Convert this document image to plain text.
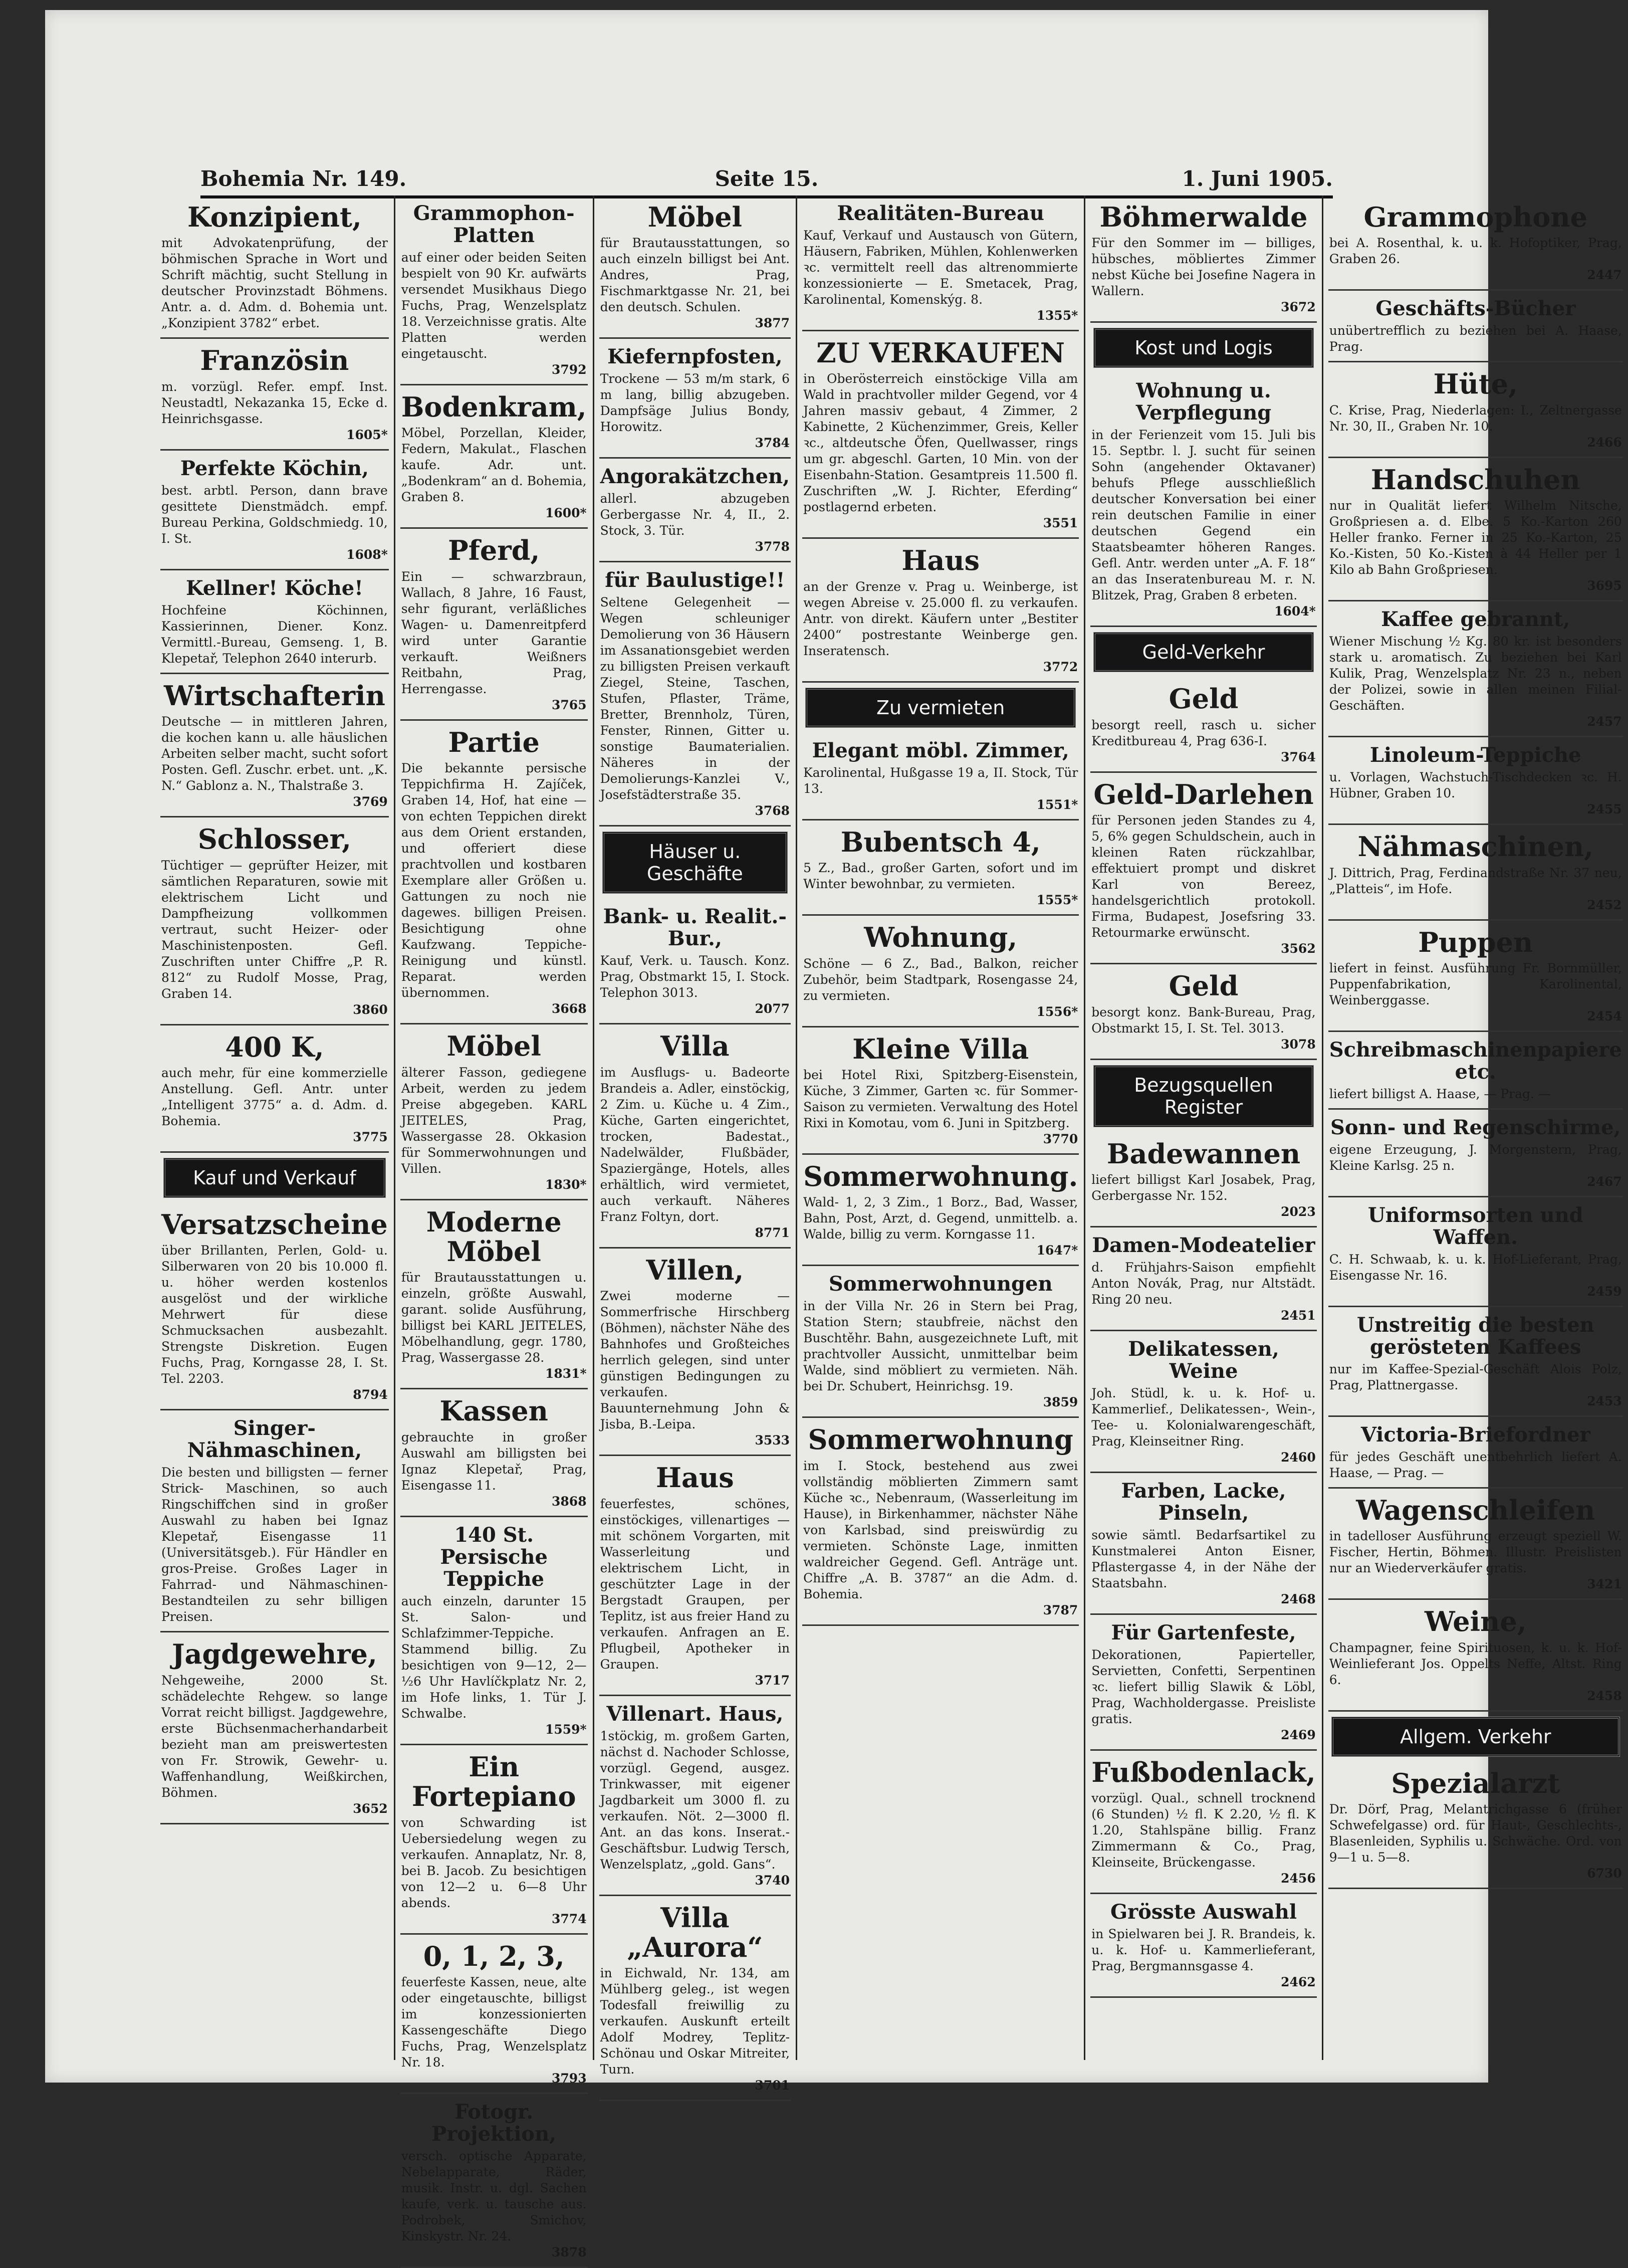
Bohemia Nr. 149.	Seite 15.	1. Juni 1905.
Konzipient,
mit Advokatenprüfung, der böhmischen Sprache in Wort und Schrift mächtig, sucht Stellung in deutscher Provinzstadt Böhmens. Antr. a. d. Adm. d. Bohemia unt. „Konzipient 3782“ erbet.
Französin
m. vorzügl. Refer. empf. Inst. Neustadtl, Nekazanka 15, Ecke d. Heinrichsgasse.
1605*
Perfekte Köchin,
best. arbtl. Person, dann brave gesittete Dienstmädch. empf. Bureau Perkina, Goldschmiedg. 10, I. St.
1608*
Kellner! Köche!
Hochfeine Köchinnen, Kassierinnen, Diener. Konz. Vermittl.-Bureau, Gemseng. 1, B. Klepetař, Telephon 2640 interurb.
Wirtschafterin
Deutsche — in mittleren Jahren, die kochen kann u. alle häuslichen Arbeiten selber macht, sucht sofort Posten. Gefl. Zuschr. erbet. unt. „K. N.“ Gablonz a. N., Thalstraße 3.
3769
Schlosser,
Tüchtiger — geprüfter Heizer, mit sämtlichen Reparaturen, sowie mit elektrischem Licht und Dampfheizung vollkommen vertraut, sucht Heizer- oder Maschinistenposten. Gefl. Zuschriften unter Chiffre „P. R. 812“ zu Rudolf Mosse, Prag, Graben 14.
3860
400 K,
auch mehr, für eine kommerzielle Anstellung. Gefl. Antr. unter „Intelligent 3775“ a. d. Adm. d. Bohemia.
3775
Kauf und Verkauf
Versatzscheine
über Brillanten, Perlen, Gold- u. Silberwaren von 20 bis 10.000 fl. u. höher werden kostenlos ausgelöst und der wirkliche Mehrwert für diese Schmucksachen ausbezahlt. Strengste Diskretion. Eugen Fuchs, Prag, Korngasse 28, I. St. Tel. 2203.
8794
Singer-Nähmaschinen,
Die besten und billigsten — ferner Strick- Maschinen, so auch Ringschiffchen sind in großer Auswahl zu haben bei Ignaz Klepetař, Eisengasse 11 (Universitätsgeb.). Für Händler en gros-Preise. Großes Lager in Fahrrad- und Nähmaschinen-Bestandteilen zu sehr billigen Preisen.
Jagdgewehre,
Nehgeweihe, 2000 St. schädelechte Rehgew. so lange Vorrat reicht billigst. Jagdgewehre, erste Büchsenmacherhandarbeit bezieht man am preiswertesten von Fr. Strowik, Gewehr- u. Waffenhandlung, Weißkirchen, Böhmen.
3652
Grammophon-Platten
auf einer oder beiden Seiten bespielt von 90 Kr. aufwärts versendet Musikhaus Diego Fuchs, Prag, Wenzelsplatz 18. Verzeichnisse gratis. Alte Platten werden eingetauscht.
3792
Bodenkram,
Möbel, Porzellan, Kleider, Federn, Makulat., Flaschen kaufe. Adr. unt. „Bodenkram“ an d. Bohemia, Graben 8.
1600*
Pferd,
Ein — schwarzbraun, Wallach, 8 Jahre, 16 Faust, sehr figurant, verläßliches Wagen- u. Damenreitpferd wird unter Garantie verkauft. Weißners Reitbahn, Prag, Herrengasse.
3765
Partie
Die bekannte persische Teppichfirma H. Zajíček, Graben 14, Hof, hat eine — von echten Teppichen direkt aus dem Orient erstanden, und offeriert diese prachtvollen und kostbaren Exemplare aller Größen u. Gattungen zu noch nie dagewes. billigen Preisen. Besichtigung ohne Kaufzwang. Teppiche-Reinigung und künstl. Reparat. werden übernommen.
3668
Möbel
älterer Fasson, gediegene Arbeit, werden zu jedem Preise abgegeben. KARL JEITELES, Prag, Wassergasse 28. Okkasion für Sommerwohnungen und Villen.
1830*
Moderne Möbel
für Brautausstattungen u. einzeln, größte Auswahl, garant. solide Ausführung, billigst bei KARL JEITELES, Möbelhandlung, gegr. 1780, Prag, Wassergasse 28.
1831*
Kassen
gebrauchte in großer Auswahl am billigsten bei Ignaz Klepetař, Prag, Eisengasse 11.
3868
140 St. Persische Teppiche
auch einzeln, darunter 15 St. Salon- und Schlafzimmer-Teppiche. Stammend billig. Zu besichtigen von 9—12, 2—½6 Uhr Havlíčkplatz Nr. 2, im Hofe links, 1. Tür J. Schwalbe.
1559*
Ein Fortepiano
von Schwarding ist Uebersiedelung wegen zu verkaufen. Annaplatz, Nr. 8, bei B. Jacob. Zu besichtigen von 12—2 u. 6—8 Uhr abends.
3774
0, 1, 2, 3,
feuerfeste Kassen, neue, alte oder eingetauschte, billigst im konzessionierten Kassengeschäfte Diego Fuchs, Prag, Wenzelsplatz Nr. 18.
3793
Fotogr. Projektion,
versch. optische Apparate, Nebelapparate, Räder, musik. Instr. u. dgl. Sachen kaufe, verk. u. tausche aus. Podrobek, Smichov, Kinskystr. Nr. 24.
3878
Möbel
für Brautausstattungen, so auch einzeln billigst bei Ant. Andres, Prag, Fischmarktgasse Nr. 21, bei den deutsch. Schulen.
3877
Kiefernpfosten,
Trockene — 53 m/m stark, 6 m lang, billig abzugeben. Dampfsäge Julius Bondy, Horowitz.
3784
Angorakätzchen,
allerl. abzugeben Gerbergasse Nr. 4, II., 2. Stock, 3. Tür.
3778
für Baulustige!!
Seltene Gelegenheit — Wegen schleuniger Demolierung von 36 Häusern im Assanationsgebiet werden zu billigsten Preisen verkauft Ziegel, Steine, Taschen, Stufen, Pflaster, Träme, Bretter, Brennholz, Türen, Fenster, Rinnen, Gitter u. sonstige Baumaterialien. Näheres in der Demolierungs-Kanzlei V., Josefstädterstraße 35.
3768
Häuser u. Geschäfte
Bank- u. Realit.-Bur.,
Kauf, Verk. u. Tausch. Konz. Prag, Obstmarkt 15, I. Stock. Telephon 3013.
2077
Villa
im Ausflugs- u. Badeorte Brandeis a. Adler, einstöckig, 2 Zim. u. Küche u. 4 Zim., Küche, Garten eingerichtet, trocken, Badestat., Nadelwälder, Flußbäder, Spaziergänge, Hotels, alles erhältlich, wird vermietet, auch verkauft. Näheres Franz Foltyn, dort.
8771
Villen,
Zwei moderne — Sommerfrische Hirschberg (Böhmen), nächster Nähe des Bahnhofes und Großteiches herrlich gelegen, sind unter günstigen Bedingungen zu verkaufen. Bauunternehmung John & Jisba, B.-Leipa.
3533
Haus
feuerfestes, schönes, einstöckiges, villenartiges — mit schönem Vorgarten, mit Wasserleitung und elektrischem Licht, in geschützter Lage in der Bergstadt Graupen, per Teplitz, ist aus freier Hand zu verkaufen. Anfragen an E. Pflugbeil, Apotheker in Graupen.
3717
Villenart. Haus,
1stöckig, m. großem Garten, nächst d. Nachoder Schlosse, vorzügl. Gegend, ausgez. Trinkwasser, mit eigener Jagdbarkeit um 3000 fl. zu verkaufen. Nöt. 2—3000 fl. Ant. an das kons. Inserat.-Geschäftsbur. Ludwig Tersch, Wenzelsplatz, „gold. Gans“.
3740
Villa „Aurora“
in Eichwald, Nr. 134, am Mühlberg geleg., ist wegen Todesfall freiwillig zu verkaufen. Auskunft erteilt Adolf Modrey, Teplitz-Schönau und Oskar Mitreiter, Turn.
3701
Realitäten-Bureau
Kauf, Verkauf und Austausch von Gütern, Häusern, Fabriken, Mühlen, Kohlenwerken ꝛc. vermittelt reell das altrenommierte konzessionierte — E. Smetacek, Prag, Karolinental, Komenskýg. 8.
1355*
ZU VERKAUFEN
in Oberösterreich einstöckige Villa am Wald in prachtvoller milder Gegend, vor 4 Jahren massiv gebaut, 4 Zimmer, 2 Kabinette, 2 Küchenzimmer, Greis, Keller ꝛc., altdeutsche Öfen, Quellwasser, rings um gr. abgeschl. Garten, 10 Min. von der Eisenbahn-Station. Gesamtpreis 11.500 fl. Zuschriften „W. J. Richter, Eferding“ postlagernd erbeten.
3551
Haus
an der Grenze v. Prag u. Weinberge, ist wegen Abreise v. 25.000 fl. zu verkaufen. Antr. von direkt. Käufern unter „Bestiter 2400“ postrestante Weinberge gen. Inseratensch.
3772
Zu vermieten
Elegant möbl. Zimmer,
Karolinental, Hußgasse 19 a, II. Stock, Tür 13.
1551*
Bubentsch 4,
5 Z., Bad., großer Garten, sofort und im Winter bewohnbar, zu vermieten.
1555*
Wohnung,
Schöne — 6 Z., Bad., Balkon, reicher Zubehör, beim Stadtpark, Rosengasse 24, zu vermieten.
1556*
Kleine Villa
bei Hotel Rixi, Spitzberg-Eisenstein, Küche, 3 Zimmer, Garten ꝛc. für Sommer- Saison zu vermieten. Verwaltung des Hotel Rixi in Komotau, vom 6. Juni in Spitzberg.
3770
Sommerwohnung.
Wald- 1, 2, 3 Zim., 1 Borz., Bad, Wasser, Bahn, Post, Arzt, d. Gegend, unmittelb. a. Walde, billig zu verm. Korngasse 11.
1647*
Sommerwohnungen
in der Villa Nr. 26 in Stern bei Prag, Station Stern; staubfreie, nächst den Buschtěhr. Bahn, ausgezeichnete Luft, mit prachtvoller Aussicht, unmittelbar beim Walde, sind möbliert zu vermieten. Näh. bei Dr. Schubert, Heinrichsg. 19.
3859
Sommerwohnung
im I. Stock, bestehend aus zwei vollständig möblierten Zimmern samt Küche ꝛc., Nebenraum, (Wasserleitung im Hause), in Birkenhammer, nächster Nähe von Karlsbad, sind preiswürdig zu vermieten. Schönste Lage, inmitten waldreicher Gegend. Gefl. Anträge unt. Chiffre „A. B. 3787“ an die Adm. d. Bohemia.
3787
Böhmerwalde
Für den Sommer im — billiges, hübsches, möbliertes Zimmer nebst Küche bei Josefine Nagera in Wallern.
3672
Kost und Logis
Wohnung u. Verpflegung
in der Ferienzeit vom 15. Juli bis 15. Septbr. l. J. sucht für seinen Sohn (angehender Oktavaner) behufs Pflege ausschließlich deutscher Konversation bei einer rein deutschen Familie in einer deutschen Gegend ein Staatsbeamter höheren Ranges. Gefl. Antr. werden unter „A. F. 18“ an das Inseratenbureau M. r. N. Blitzek, Prag, Graben 8 erbeten.
1604*
Geld-Verkehr
Geld
besorgt reell, rasch u. sicher Kreditbureau 4, Prag 636-I.
3764
Geld-Darlehen
für Personen jeden Standes zu 4, 5, 6% gegen Schuldschein, auch in kleinen Raten rückzahlbar, effektuiert prompt und diskret Karl von Bereez, handelsgerichtlich protokoll. Firma, Budapest, Josefsring 33. Retourmarke erwünscht.
3562
Geld
besorgt konz. Bank-Bureau, Prag, Obstmarkt 15, I. St. Tel. 3013.
3078
Bezugsquellen Register
Badewannen
liefert billigst Karl Josabek, Prag, Gerbergasse Nr. 152.
2023
Damen-Modeatelier
d. Frühjahrs-Saison empfiehlt Anton Novák, Prag, nur Altstädt. Ring 20 neu.
2451
Delikatessen, Weine
Joh. Stüdl, k. u. k. Hof- u. Kammerlief., Delikatessen-, Wein-, Tee- u. Kolonialwarengeschäft, Prag, Kleinseitner Ring.
2460
Farben, Lacke, Pinseln,
sowie sämtl. Bedarfsartikel zu Kunstmalerei Anton Eisner, Pflastergasse 4, in der Nähe der Staatsbahn.
2468
Für Gartenfeste,
Dekorationen, Papierteller, Servietten, Confetti, Serpentinen ꝛc. liefert billig Slawik & Löbl, Prag, Wachholdergasse. Preisliste gratis.
2469
Fußbodenlack,
vorzügl. Qual., schnell trocknend (6 Stunden) ½ fl. K 2.20, ½ fl. K 1.20, Stahlspäne billig. Franz Zimmermann & Co., Prag, Kleinseite, Brückengasse.
2456
Grösste Auswahl
in Spielwaren bei J. R. Brandeis, k. u. k. Hof- u. Kammerlieferant, Prag, Bergmannsgasse 4.
2462
Grammophone
bei A. Rosenthal, k. u. k. Hofoptiker, Prag, Graben 26.
2447
Geschäfts-Bücher
unübertrefflich zu beziehen bei A. Haase, Prag.
Hüte,
C. Krise, Prag, Niederlagen: I., Zeltnergasse Nr. 30, II., Graben Nr. 10.
2466
Handschuhen
nur in Qualität liefert Wilhelm Nitsche, Großpriesen a. d. Elbe. 5 Ko.-Karton 260 Heller franko. Ferner in 25 Ko.-Karton, 25 Ko.-Kisten, 50 Ko.-Kisten à 44 Heller per 1 Kilo ab Bahn Großpriesen.
3695
Kaffee gebrannt,
Wiener Mischung ½ Kg. 80 kr. ist besonders stark u. aromatisch. Zu beziehen bei Karl Kulik, Prag, Wenzelsplatz Nr. 23 n., neben der Polizei, sowie in allen meinen Filial-Geschäften.
2457
Linoleum-Teppiche
u. Vorlagen, Wachstuch-Tischdecken ꝛc. H. Hübner, Graben 10.
2455
Nähmaschinen,
J. Dittrich, Prag, Ferdinandstraße Nr. 37 neu, „Platteis“, im Hofe.
2452
Puppen
liefert in feinst. Ausführung Fr. Bornmüller, Puppenfabrikation, Karolinental, Weinberggasse.
2454
Schreibmaschinenpapiere etc.
liefert billigst A. Haase, — Prag. —
Sonn- und Regenschirme,
eigene Erzeugung, J. Morgenstern, Prag, Kleine Karlsg. 25 n.
2467
Uniformsorten und Waffen.
C. H. Schwaab, k. u. k. Hof-Lieferant, Prag, Eisengasse Nr. 16.
2459
Unstreitig die besten gerösteten Kaffees
nur im Kaffee-Spezial-Geschäft Alois Polz, Prag, Plattnergasse.
2453
Victoria-Briefordner
für jedes Geschäft unentbehrlich liefert A. Haase, — Prag. —
Wagenschleifen
in tadelloser Ausführung erzeugt speziell W. Fischer, Hertin, Böhmen. Illustr. Preislisten nur an Wiederverkäufer gratis.
3421
Weine,
Champagner, feine Spirituosen, k. u. k. Hof-Weinlieferant Jos. Oppelts Neffe, Altst. Ring 6.
2458
Allgem. Verkehr
Spezialarzt
Dr. Dörf, Prag, Melantrichgasse 6 (früher Schwefelgasse) ord. für Haut-, Geschlechts-, Blasenleiden, Syphilis u. Schwäche. Ord. von 9—1 u. 5—8.
6730
